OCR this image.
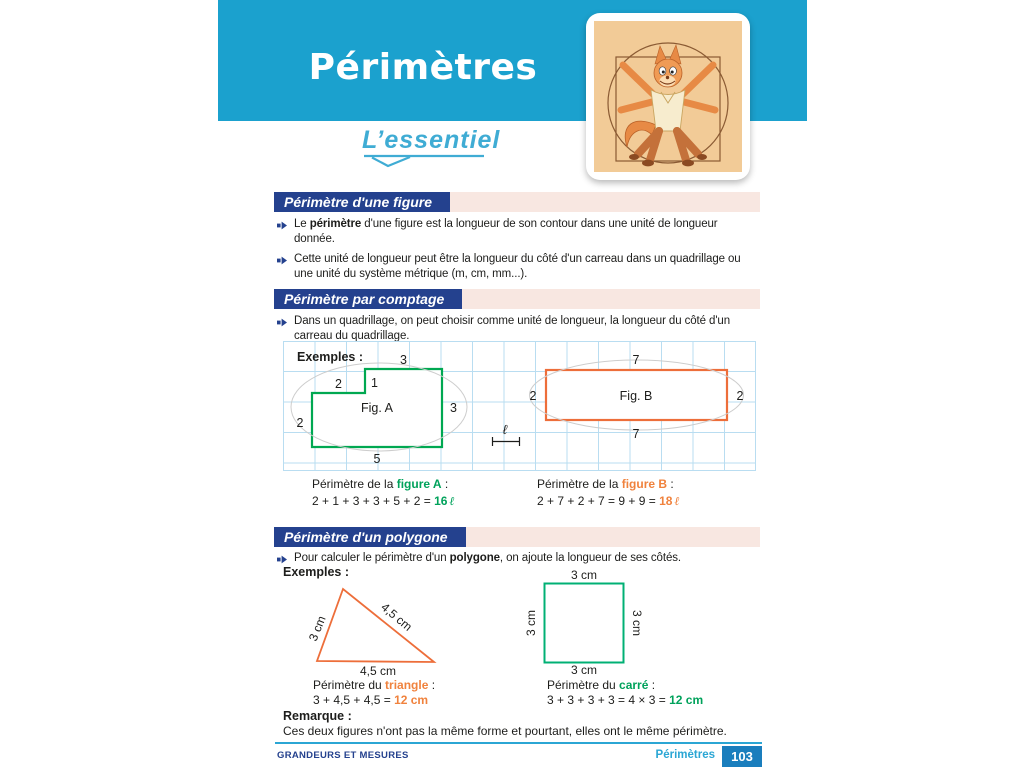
Périmètres
L’essentiel
Périmètre d'une figure
Le périmètre d'une figure est la longueur de son contour dans une unité de longueur donnée.
Cette unité de longueur peut être la longueur du côté d'un carreau dans un quadrillage ou une unité du système métrique (m, cm, mm...).
Périmètre par comptage
Dans un quadrillage, on peut choisir comme unité de longueur, la longueur du côté d'un carreau du quadrillage.
Exemples :	3
2 1
Fig. A	3
2
5
7
2	Fig. B	2
7
ℓ
Périmètre de la figure A :
2 + 1 + 3 + 3 + 5 + 2 = 16 ℓ
Périmètre de la figure B :
2 + 7 + 2 + 7 = 9 + 9 = 18 ℓ
Périmètre d'un polygone
Pour calculer le périmètre d'un polygone, on ajoute la longueur de ses côtés.
Exemples :
3 cm	4,5 cm
4,5 cm
3 cm
3 cm	3 cm
3 cm
Périmètre du triangle :
3 + 4,5 + 4,5 = 12 cm
Périmètre du carré :
3 + 3 + 3 + 3 = 4 × 3 = 12 cm
Remarque :
Ces deux figures n'ont pas la même forme et pourtant, elles ont le même périmètre.
GRANDEURS ET MESURES	Périmètres	103
